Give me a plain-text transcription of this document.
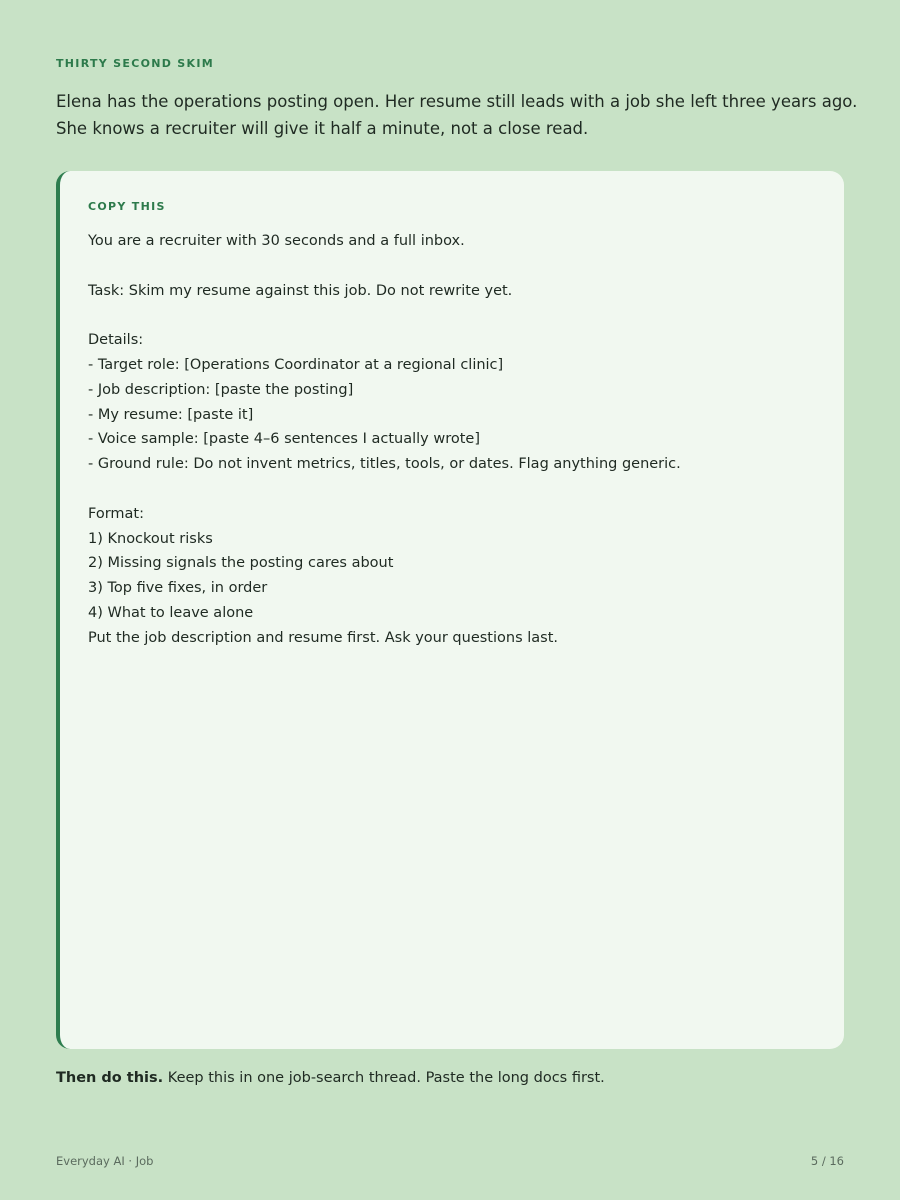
THIRTY SECOND SKIM

Elena has the operations posting open. Her resume still leads with a job she left three years ago.

She knows a recruiter will give it half a minute, not a close read.

COPY THIS
You are a recruiter with 30 seconds and a full inbox.
Task: Skim my resume against this job. Do not rewrite yet.
Details:
- Target role: [Operations Coordinator at a regional clinic]
- Job description: [paste the posting]
- My resume: [paste it]
- Voice sample: [paste 4–6 sentences I actually wrote]
- Ground rule: Do not invent metrics, titles, tools, or dates. Flag anything generic.
Format:
1) Knockout risks
2) Missing signals the posting cares about
3) Top five fixes, in order
4) What to leave alone
Put the job description and resume first. Ask your questions last.
Then do this. Keep this in one job-search thread. Paste the long docs first.
Everyday AI · Job	5 / 16
